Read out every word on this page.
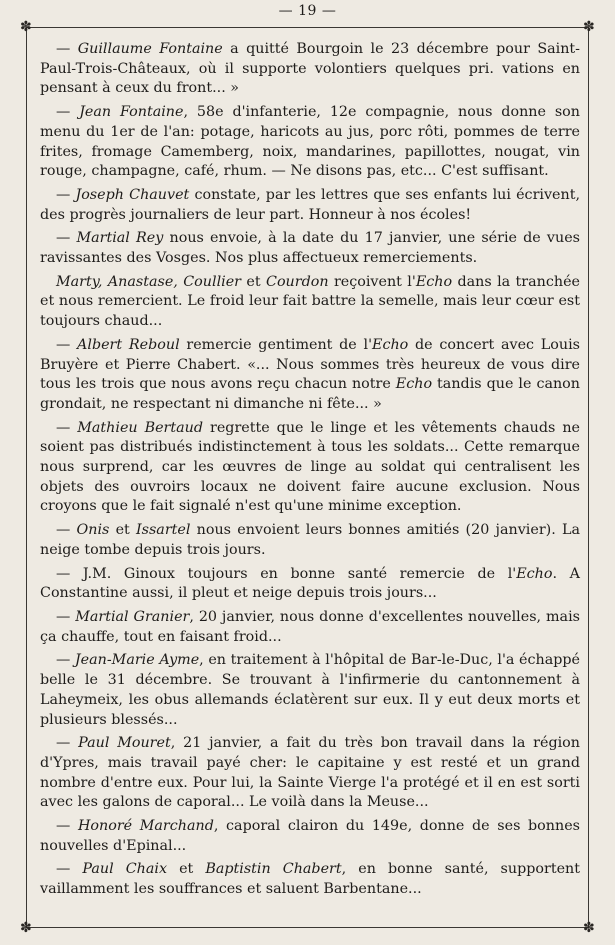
— 19 —
✽	✽
✽	✽

— Guillaume Fontaine a quitté Bourgoin le 23 décembre pour Saint-Paul-Trois-Châteaux, où il supporte volontiers quelques pri. vations en pensant à ceux du front... »

— Jean Fontaine, 58e d'infanterie, 12e compagnie, nous donne son menu du 1er de l'an: potage, haricots au jus, porc rôti, pommes de terre frites, fromage Camemberg, noix, mandarines, papillottes, nougat, vin rouge, champagne, café, rhum. — Ne disons pas, etc... C'est suffisant.

— Joseph Chauvet constate, par les lettres que ses enfants lui écrivent, des progrès journaliers de leur part. Honneur à nos écoles!

— Martial Rey nous envoie, à la date du 17 janvier, une série de vues ravissantes des Vosges. Nos plus affectueux remerciements.

Marty, Anastase, Coullier et Courdon reçoivent l'Echo dans la tranchée et nous remercient. Le froid leur fait battre la semelle, mais leur cœur est toujours chaud...

— Albert Reboul remercie gentiment de l'Echo de concert avec Louis Bruyère et Pierre Chabert. «... Nous sommes très heureux de vous dire tous les trois que nous avons reçu chacun notre Echo tandis que le canon grondait, ne respectant ni dimanche ni fête... »

— Mathieu Bertaud regrette que le linge et les vêtements chauds ne soient pas distribués indistinctement à tous les soldats... Cette remarque nous surprend, car les œuvres de linge au soldat qui centralisent les objets des ouvroirs locaux ne doivent faire aucune exclusion. Nous croyons que le fait signalé n'est qu'une minime exception.

— Onis et Issartel nous envoient leurs bonnes amitiés (20 janvier). La neige tombe depuis trois jours.

— J.M. Ginoux toujours en bonne santé remercie de l'Echo. A Constantine aussi, il pleut et neige depuis trois jours...

— Martial Granier, 20 janvier, nous donne d'excellentes nouvelles, mais ça chauffe, tout en faisant froid...

— Jean-Marie Ayme, en traitement à l'hôpital de Bar-le-Duc, l'a échappé belle le 31 décembre. Se trouvant à l'infirmerie du cantonnement à Laheymeix, les obus allemands éclatèrent sur eux. Il y eut deux morts et plusieurs blessés...

— Paul Mouret, 21 janvier, a fait du très bon travail dans la région d'Ypres, mais travail payé cher: le capitaine y est resté et un grand nombre d'entre eux. Pour lui, la Sainte Vierge l'a protégé et il en est sorti avec les galons de caporal... Le voilà dans la Meuse...

— Honoré Marchand, caporal clairon du 149e, donne de ses bonnes nouvelles d'Epinal...

— Paul Chaix et Baptistin Chabert, en bonne santé, supportent vaillamment les souffrances et saluent Barbentane...
